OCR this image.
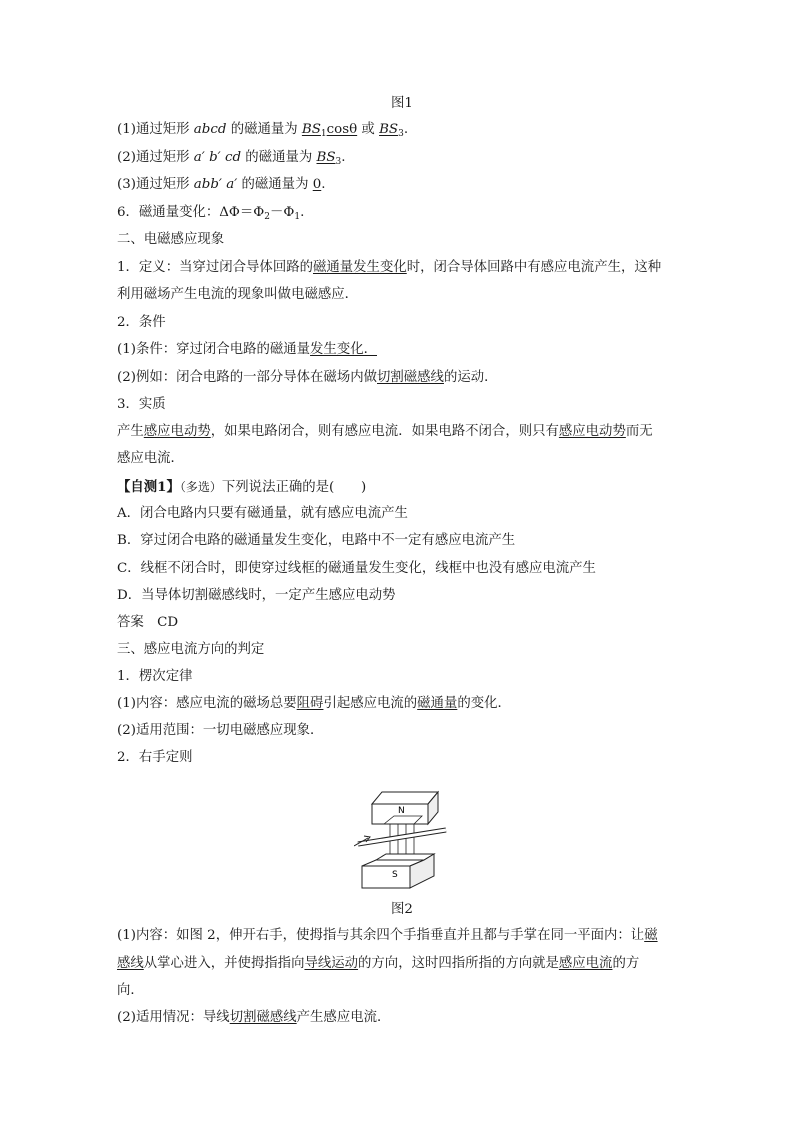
图1
(1)通过矩形 abcd 的磁通量为 $BS_1\cos\theta$ 或 $BS_3$.
(2)通过矩形 a′ b′ cd 的磁通量为 $BS_3$.
(3)通过矩形 abb′ a′ 的磁通量为 0.
6．磁通量变化：$\Delta\Phi=\Phi_2-\Phi_1$.
二、电磁感应现象
1．定义：当穿过闭合导体回路的磁通量发生变化时，闭合导体回路中有感应电流产生，这种
利用磁场产生电流的现象叫做电磁感应．
2．条件
(1)条件：穿过闭合电路的磁通量发生变化．
(2)例如：闭合电路的一部分导体在磁场内做切割磁感线的运动．
3．实质
产生感应电动势，如果电路闭合，则有感应电流．如果电路不闭合，则只有感应电动势而无
感应电流．
【自测1】（多选）下列说法正确的是(　　)
A．闭合电路内只要有磁通量，就有感应电流产生
B．穿过闭合电路的磁通量发生变化，电路中不一定有感应电流产生
C．线框不闭合时，即使穿过线框的磁通量发生变化，线框中也没有感应电流产生
D．当导体切割磁感线时，一定产生感应电动势
答案　CD
三、感应电流方向的判定
1．楞次定律
(1)内容：感应电流的磁场总要阻碍引起感应电流的磁通量的变化．
(2)适用范围：一切电磁感应现象．
2．右手定则
N
S
图2
(1)内容：如图 2，伸开右手，使拇指与其余四个手指垂直并且都与手掌在同一平面内：让磁
感线从掌心进入，并使拇指指向导线运动的方向，这时四指所指的方向就是感应电流的方
向．
(2)适用情况：导线切割磁感线产生感应电流．
